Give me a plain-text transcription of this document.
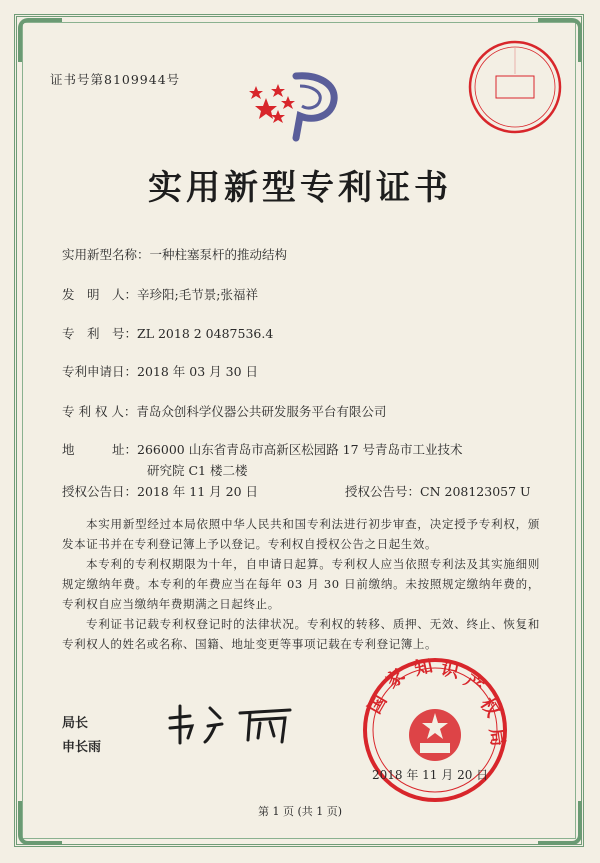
证书号第8109944号
实用新型专利证书
实用新型名称：一种柱塞泵杆的推动结构
发　明　人：辛珍阳;毛节景;张福祥
专　利　号：ZL 2018 2 0487536.4
专利申请日：2018 年 03 月 30 日
专 利 权 人：青岛众创科学仪器公共研发服务平台有限公司
地　　　址：266000 山东省青岛市高新区松园路 17 号青岛市工业技术
研究院 C1 楼二楼
授权公告日：2018 年 11 月 20 日	授权公告号：CN 208123057 U

本实用新型经过本局依照中华人民共和国专利法进行初步审查，决定授予专利权，颁发本证书并在专利登记簿上予以登记。专利权自授权公告之日起生效。

本专利的专利权期限为十年，自申请日起算。专利权人应当依照专利法及其实施细则规定缴纳年费。本专利的年费应当在每年 03 月 30 日前缴纳。未按照规定缴纳年费的，专利权自应当缴纳年费期满之日起终止。

专利证书记载专利权登记时的法律状况。专利权的转移、质押、无效、终止、恢复和专利权人的姓名或名称、国籍、地址变更等事项记载在专利登记簿上。

局长
申长雨
国
家 知 识
产
权
局
2018 年 11 月 20 日
第 1 页 (共 1 页)
